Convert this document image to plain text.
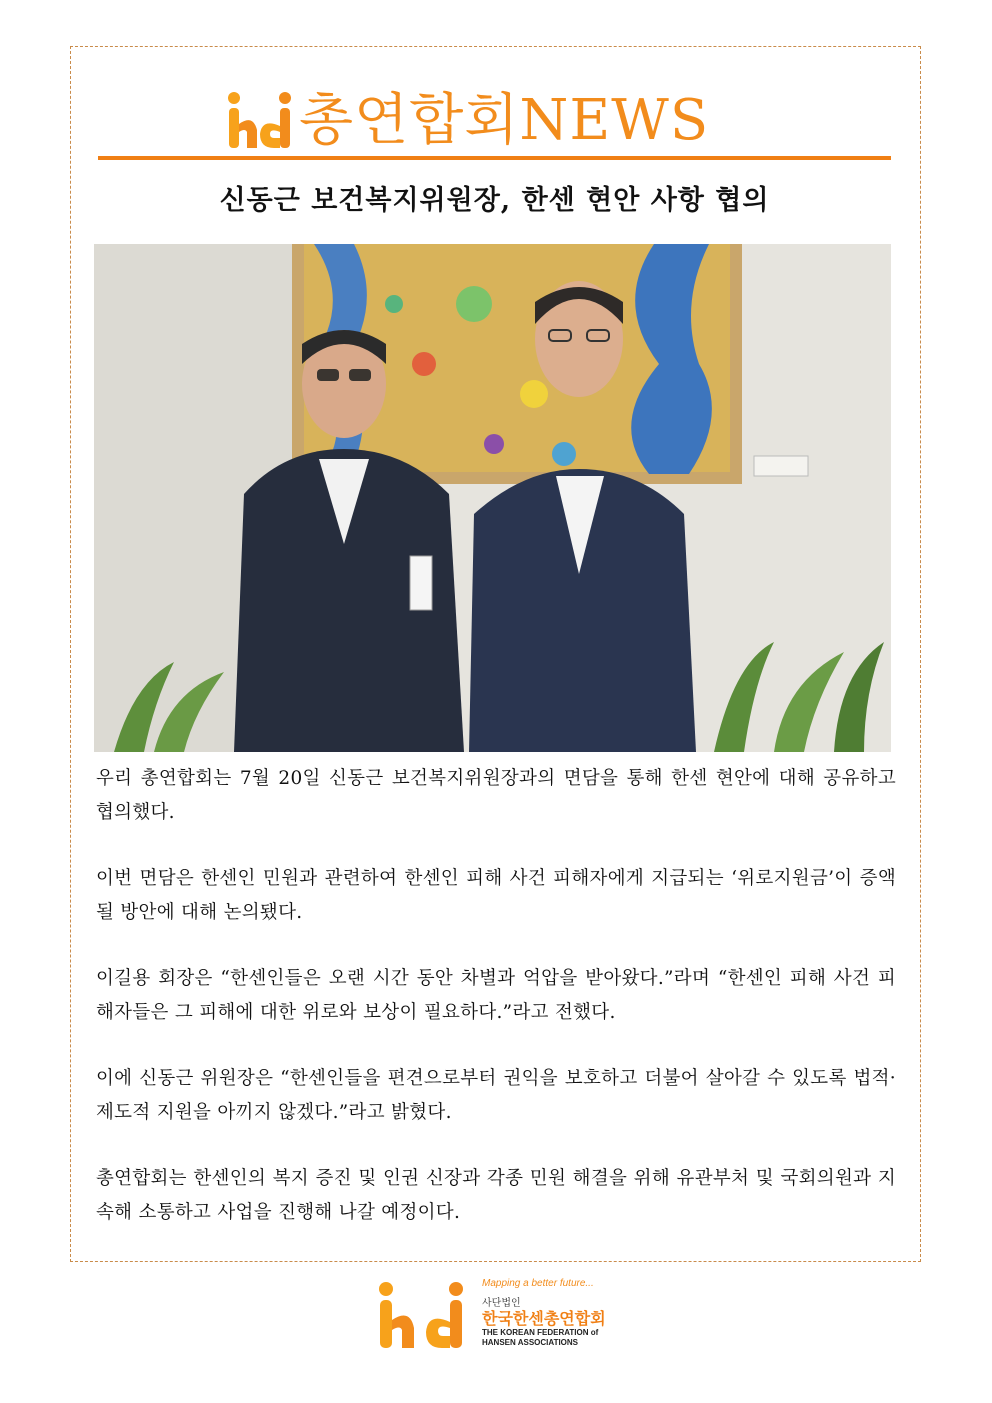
총연합회NEWS
신동근 보건복지위원장, 한센 현안 사항 협의

우리 총연합회는 7월 20일 신동근 보건복지위원장과의 면담을 통해 한센 현안에 대해 공유하고 협의했다.

이번 면담은 한센인 민원과 관련하여 한센인 피해 사건 피해자에게 지급되는 ‘위로지원금’이 증액될 방안에 대해 논의됐다.

이길용 회장은 “한센인들은 오랜 시간 동안 차별과 억압을 받아왔다.”라며 “한센인 피해 사건 피해자들은 그 피해에 대한 위로와 보상이 필요하다.”라고 전했다.

이에 신동근 위원장은 “한센인들을 편견으로부터 권익을 보호하고 더불어 살아갈 수 있도록 법적·제도적 지원을 아끼지 않겠다.”라고 밝혔다.

총연합회는 한센인의 복지 증진 및 인권 신장과 각종 민원 해결을 위해 유관부처 및 국회의원과 지속해 소통하고 사업을 진행해 나갈 예정이다.

Mapping a better future...
사단법인
한국한센총연합회
THE KOREAN FEDERATION of
HANSEN ASSOCIATIONS
